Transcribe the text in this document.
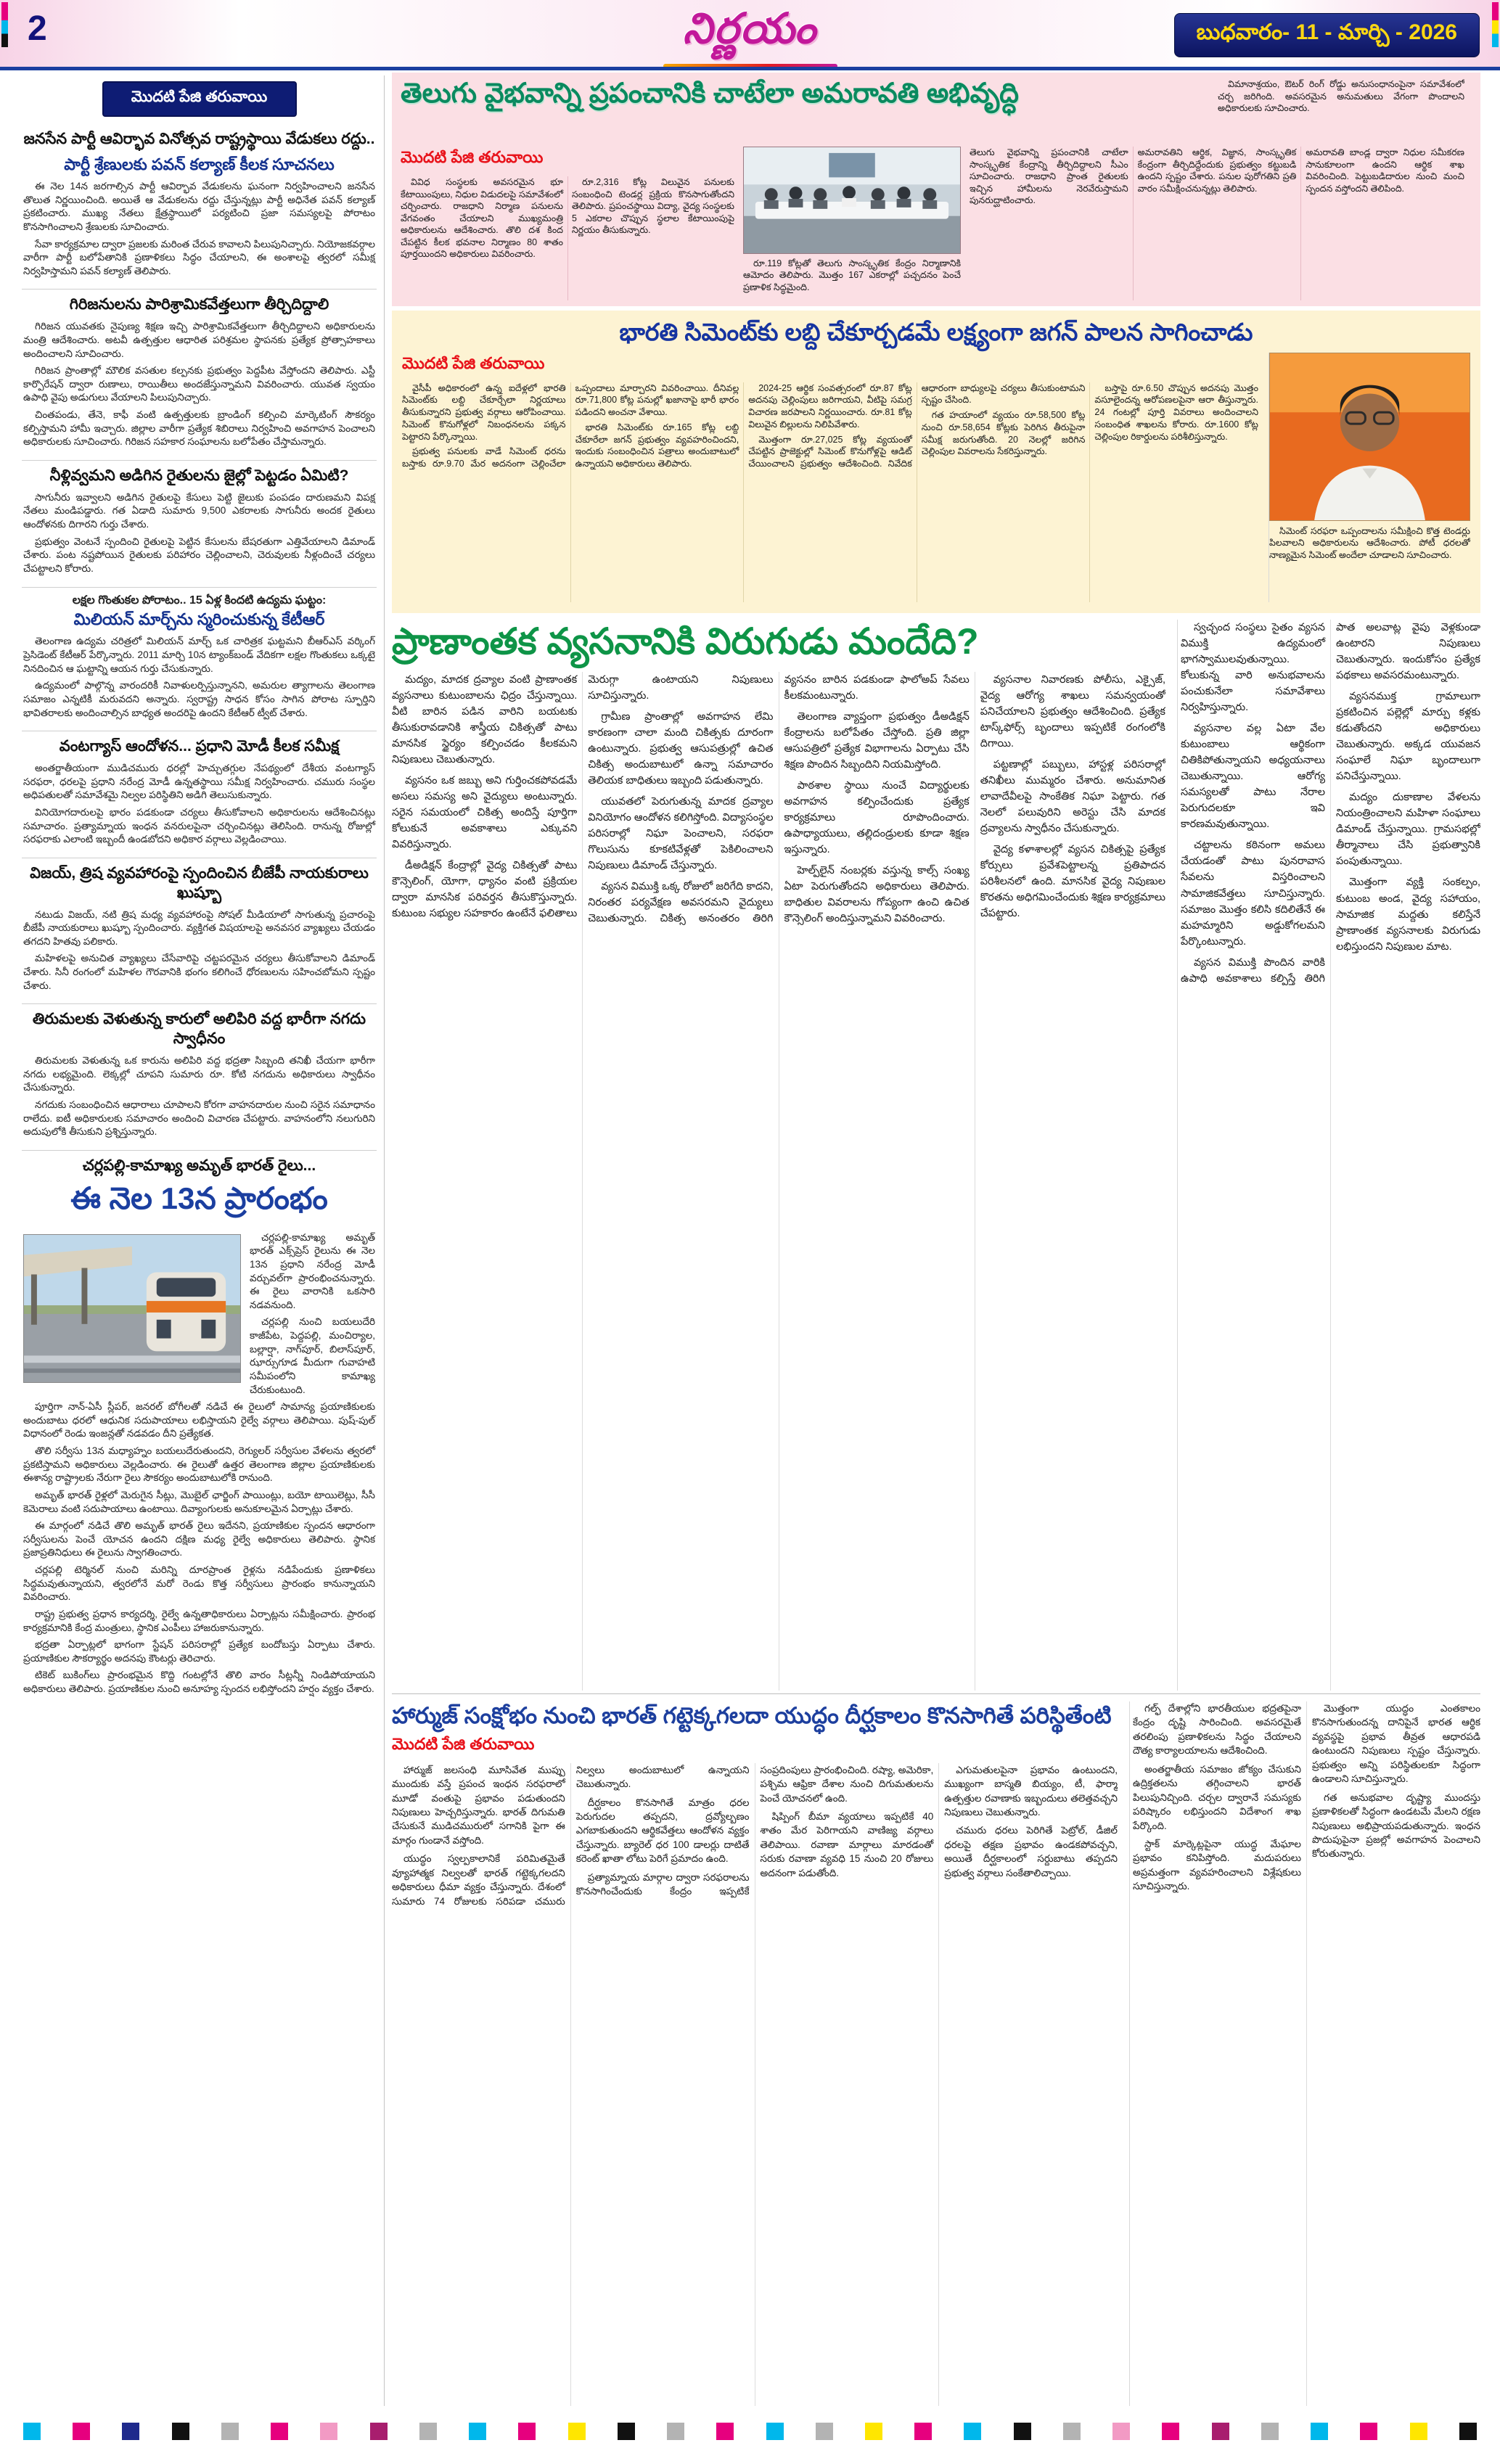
2	నిర్ణయం	బుధవారం- 11 - మార్చి - 2026
మొదటి పేజి తరువాయి
జనసేన పార్టీ ఆవిర్భావ వినోత్సవ రాష్ట్రస్థాయి వేడుకలు రద్దు..
పార్టీ శ్రేణులకు పవన్ కల్యాణ్ కీలక సూచనలు

ఈ నెల 14న జరగాల్సిన పార్టీ ఆవిర్భావ వేడుకలను ఘనంగా నిర్వహించాలని జనసేన తొలుత నిర్ణయించింది. అయితే ఆ వేడుకలను రద్దు చేస్తున్నట్లు పార్టీ అధినేత పవన్ కల్యాణ్ ప్రకటించారు. ముఖ్య నేతలు క్షేత్రస్థాయిలో పర్యటించి ప్రజా సమస్యలపై పోరాటం కొనసాగించాలని శ్రేణులకు సూచించారు.

సేవా కార్యక్రమాల ద్వారా ప్రజలకు మరింత చేరువ కావాలని పిలుపునిచ్చారు. నియోజకవర్గాల వారీగా పార్టీ బలోపేతానికి ప్రణాళికలు సిద్ధం చేయాలని, ఈ అంశాలపై త్వరలో సమీక్ష నిర్వహిస్తామని పవన్ కల్యాణ్ తెలిపారు.

గిరిజనులను పారిశ్రామికవేత్తలుగా తీర్చిదిద్దాలి

గిరిజన యువతకు నైపుణ్య శిక్షణ ఇచ్చి పారిశ్రామికవేత్తలుగా తీర్చిదిద్దాలని అధికారులను మంత్రి ఆదేశించారు. అటవీ ఉత్పత్తుల ఆధారిత పరిశ్రమల స్థాపనకు ప్రత్యేక ప్రోత్సాహకాలు అందించాలని సూచించారు.

గిరిజన ప్రాంతాల్లో మౌలిక వసతుల కల్పనకు ప్రభుత్వం పెద్దపీట వేస్తోందని తెలిపారు. ఎస్టీ కార్పొరేషన్ ద్వారా రుణాలు, రాయితీలు అందజేస్తున్నామని వివరించారు. యువత స్వయం ఉపాధి వైపు అడుగులు వేయాలని పిలుపునిచ్చారు.

చింతపండు, తేనె, కాఫీ వంటి ఉత్పత్తులకు బ్రాండింగ్ కల్పించి మార్కెటింగ్ సౌకర్యం కల్పిస్తామని హామీ ఇచ్చారు. జిల్లాల వారీగా ప్రత్యేక శిబిరాలు నిర్వహించి అవగాహన పెంచాలని అధికారులకు సూచించారు. గిరిజన సహకార సంఘాలను బలోపేతం చేస్తామన్నారు.

నీళ్లివ్వమని అడిగిన రైతులను జైల్లో పెట్టడం ఏమిటి?

సాగునీరు ఇవ్వాలని అడిగిన రైతులపై కేసులు పెట్టి జైలుకు పంపడం దారుణమని విపక్ష నేతలు మండిపడ్డారు. గత ఏడాది సుమారు 9,500 ఎకరాలకు సాగునీరు అందక రైతులు ఆందోళనకు దిగారని గుర్తు చేశారు.

ప్రభుత్వం వెంటనే స్పందించి రైతులపై పెట్టిన కేసులను బేషరతుగా ఎత్తివేయాలని డిమాండ్ చేశారు. పంట నష్టపోయిన రైతులకు పరిహారం చెల్లించాలని, చెరువులకు నీళ్లందించే చర్యలు చేపట్టాలని కోరారు.

లక్షల గొంతుకల పోరాటం.. 15 ఏళ్ల కిందటి ఉద్యమ ఘట్టం:
మిలియన్ మార్చ్‌ను స్మరించుకున్న కేటీఆర్

తెలంగాణ ఉద్యమ చరిత్రలో మిలియన్ మార్చ్ ఒక చారిత్రక ఘట్టమని బీఆర్ఎస్ వర్కింగ్ ప్రెసిడెంట్ కేటీఆర్ పేర్కొన్నారు. 2011 మార్చి 10న ట్యాంక్‌బండ్ వేదికగా లక్షల గొంతుకలు ఒక్కటై నినదించిన ఆ ఘట్టాన్ని ఆయన గుర్తు చేసుకున్నారు.

ఉద్యమంలో పాల్గొన్న వారందరికీ నివాళులర్పిస్తున్నానని, అమరుల త్యాగాలను తెలంగాణ సమాజం ఎన్నటికీ మరువదని అన్నారు. స్వరాష్ట్ర సాధన కోసం సాగిన పోరాట స్ఫూర్తిని భావితరాలకు అందించాల్సిన బాధ్యత అందరిపై ఉందని కేటీఆర్ ట్వీట్ చేశారు.

వంటగ్యాస్ ఆందోళన... ప్రధాని మోడీ కీలక సమీక్ష

అంతర్జాతీయంగా ముడిచమురు ధరల్లో హెచ్చుతగ్గుల నేపథ్యంలో దేశీయ వంటగ్యాస్ సరఫరా, ధరలపై ప్రధాని నరేంద్ర మోడీ ఉన్నతస్థాయి సమీక్ష నిర్వహించారు. చమురు సంస్థల అధిపతులతో సమావేశమై నిల్వల పరిస్థితిని అడిగి తెలుసుకున్నారు.

వినియోగదారులపై భారం పడకుండా చర్యలు తీసుకోవాలని అధికారులను ఆదేశించినట్లు సమాచారం. ప్రత్యామ్నాయ ఇంధన వనరులపైనా చర్చించినట్లు తెలిసింది. రానున్న రోజుల్లో సరఫరాకు ఎలాంటి ఇబ్బందీ ఉండబోదని అధికార వర్గాలు వెల్లడించాయి.

విజయ్, త్రిష వ్యవహారంపై స్పందించిన బీజేపీ నాయకురాలు ఖుష్బూ

నటుడు విజయ్, నటి త్రిష మధ్య వ్యవహారంపై సోషల్ మీడియాలో సాగుతున్న ప్రచారంపై బీజేపీ నాయకురాలు ఖుష్బూ స్పందించారు. వ్యక్తిగత విషయాలపై అనవసర వ్యాఖ్యలు చేయడం తగదని హితవు పలికారు.

మహిళలపై అనుచిత వ్యాఖ్యలు చేసేవారిపై చట్టపరమైన చర్యలు తీసుకోవాలని డిమాండ్ చేశారు. సినీ రంగంలో మహిళల గౌరవానికి భంగం కలిగించే ధోరణులను సహించబోమని స్పష్టం చేశారు.

తిరుమలకు వెళుతున్న కారులో అలిపిరి వద్ద భారీగా నగదు స్వాధీనం

తిరుమలకు వెళుతున్న ఒక కారును అలిపిరి వద్ద భద్రతా సిబ్బంది తనిఖీ చేయగా భారీగా నగదు లభ్యమైంది. లెక్కల్లో చూపని సుమారు రూ. కోటి నగదును అధికారులు స్వాధీనం చేసుకున్నారు.

నగదుకు సంబంధించిన ఆధారాలు చూపాలని కోరగా వాహనదారుల నుంచి సరైన సమాధానం రాలేదు. ఐటీ అధికారులకు సమాచారం అందించి విచారణ చేపట్టారు. వాహనంలోని నలుగురిని అదుపులోకి తీసుకుని ప్రశ్నిస్తున్నారు.

చర్లపల్లి-కామాఖ్య అమృత్ భారత్ రైలు...
ఈ నెల 13న ప్రారంభం

చర్లపల్లి-కామాఖ్య అమృత్ భారత్ ఎక్స్‌ప్రెస్ రైలును ఈ నెల 13న ప్రధాని నరేంద్ర మోడీ వర్చువల్‌గా ప్రారంభించనున్నారు. ఈ రైలు వారానికి ఒకసారి నడవనుంది.

చర్లపల్లి నుంచి బయలుదేరి కాజీపేట, పెద్దపల్లి, మంచిర్యాల, బల్లార్షా, నాగ్‌పూర్, బిలాస్‌పూర్, ఝార్సుగూడ మీదుగా గువాహటి సమీపంలోని కామాఖ్య చేరుకుంటుంది.

పూర్తిగా నాన్-ఏసీ స్లీపర్, జనరల్ బోగీలతో నడిచే ఈ రైలులో సామాన్య ప్రయాణికులకు అందుబాటు ధరలో ఆధునిక సదుపాయాలు లభిస్తాయని రైల్వే వర్గాలు తెలిపాయి. పుష్-పుల్ విధానంలో రెండు ఇంజన్లతో నడవడం దీని ప్రత్యేకత.

తొలి సర్వీసు 13న మధ్యాహ్నం బయలుదేరుతుందని, రెగ్యులర్ సర్వీసుల వేళలను త్వరలో ప్రకటిస్తామని అధికారులు వెల్లడించారు. ఈ రైలుతో ఉత్తర తెలంగాణ జిల్లాల ప్రయాణికులకు ఈశాన్య రాష్ట్రాలకు నేరుగా రైలు సౌకర్యం అందుబాటులోకి రానుంది.

అమృత్ భారత్ రైళ్లలో మెరుగైన సీట్లు, మొబైల్ ఛార్జింగ్ పాయింట్లు, బయో టాయిలెట్లు, సీసీ కెమెరాలు వంటి సదుపాయాలు ఉంటాయి. దివ్యాంగులకు అనుకూలమైన ఏర్పాట్లు చేశారు.

ఈ మార్గంలో నడిచే తొలి అమృత్ భారత్ రైలు ఇదేనని, ప్రయాణికుల స్పందన ఆధారంగా సర్వీసులను పెంచే యోచన ఉందని దక్షిణ మధ్య రైల్వే అధికారులు తెలిపారు. స్థానిక ప్రజాప్రతినిధులు ఈ రైలును స్వాగతించారు.

చర్లపల్లి టెర్మినల్ నుంచి మరిన్ని దూరప్రాంత రైళ్లను నడిపేందుకు ప్రణాళికలు సిద్ధమవుతున్నాయని, త్వరలోనే మరో రెండు కొత్త సర్వీసులు ప్రారంభం కానున్నాయని వివరించారు.

రాష్ట్ర ప్రభుత్వ ప్రధాన కార్యదర్శి, రైల్వే ఉన్నతాధికారులు ఏర్పాట్లను సమీక్షించారు. ప్రారంభ కార్యక్రమానికి కేంద్ర మంత్రులు, స్థానిక ఎంపీలు హాజరుకానున్నారు.

భద్రతా ఏర్పాట్లలో భాగంగా స్టేషన్ పరిసరాల్లో ప్రత్యేక బందోబస్తు ఏర్పాటు చేశారు. ప్రయాణికుల సౌకర్యార్థం అదనపు కౌంటర్లు తెరిచారు.

టికెట్ బుకింగ్‌లు ప్రారంభమైన కొద్ది గంటల్లోనే తొలి వారం సీట్లన్నీ నిండిపోయాయని అధికారులు తెలిపారు. ప్రయాణికుల నుంచి అనూహ్య స్పందన లభిస్తోందని హర్షం వ్యక్తం చేశారు.

తెలుగు వైభవాన్ని ప్రపంచానికి చాటేలా అమరావతి అభివృద్ధి	విమానాశ్రయం, ఔటర్ రింగ్ రోడ్డు అనుసంధానంపైనా సమావేశంలో చర్చ జరిగింది. అవసరమైన అనుమతులు వేగంగా పొందాలని అధికారులకు సూచించారు.

మొదటి పేజి తరువాయి

వివిధ సంస్థలకు అవసరమైన భూ కేటాయింపులు, నిధుల విడుదలపై సమావేశంలో చర్చించారు. రాజధాని నిర్మాణ పనులను వేగవంతం చేయాలని ముఖ్యమంత్రి అధికారులను ఆదేశించారు. తొలి దశ కింద చేపట్టిన కీలక భవనాల నిర్మాణం 80 శాతం పూర్తయిందని అధికారులు వివరించారు.

రూ.2,316 కోట్ల విలువైన పనులకు సంబంధించి టెండర్ల ప్రక్రియ కొనసాగుతోందని తెలిపారు. ప్రపంచస్థాయి విద్యా, వైద్య సంస్థలకు 5 ఎకరాల చొప్పున స్థలాల కేటాయింపుపై నిర్ణయం తీసుకున్నారు.

రూ.119 కోట్లతో తెలుగు సాంస్కృతిక కేంద్రం నిర్మాణానికి ఆమోదం తెలిపారు. మొత్తం 167 ఎకరాల్లో పచ్చదనం పెంచే ప్రణాళిక సిద్ధమైంది.

తెలుగు వైభవాన్ని ప్రపంచానికి చాటేలా సాంస్కృతిక కేంద్రాన్ని తీర్చిదిద్దాలని సీఎం సూచించారు. రాజధాని ప్రాంత రైతులకు ఇచ్చిన హామీలను నెరవేరుస్తామని పునరుద్ఘాటించారు.

అమరావతిని ఆర్థిక, విజ్ఞాన, సాంస్కృతిక కేంద్రంగా తీర్చిదిద్దేందుకు ప్రభుత్వం కట్టుబడి ఉందని స్పష్టం చేశారు. పనుల పురోగతిని ప్రతి వారం సమీక్షించనున్నట్లు తెలిపారు.

అమరావతి బాండ్ల ద్వారా నిధుల సమీకరణ సానుకూలంగా ఉందని ఆర్థిక శాఖ వివరించింది. పెట్టుబడిదారుల నుంచి మంచి స్పందన వస్తోందని తెలిపింది.

భారతి సిమెంట్‌కు లబ్ది చేకూర్చడమే లక్ష్యంగా జగన్ పాలన సాగించాడు
మొదటి పేజి తరువాయి

వైసీపీ అధికారంలో ఉన్న ఐదేళ్లలో భారతి సిమెంట్‌కు లబ్ది చేకూర్చేలా నిర్ణయాలు తీసుకున్నారని ప్రభుత్వ వర్గాలు ఆరోపించాయి. సిమెంట్ కొనుగోళ్లలో నిబంధనలను పక్కన పెట్టారని పేర్కొన్నాయి.

ప్రభుత్వ పనులకు వాడే సిమెంట్ ధరను బస్తాకు రూ.9.70 మేర అదనంగా చెల్లించేలా ఒప్పందాలు మార్చారని వివరించాయి. దీనివల్ల రూ.71,800 కోట్ల పనుల్లో ఖజానాపై భారీ భారం పడిందని అంచనా వేశాయి.

భారతి సిమెంట్‌కు రూ.165 కోట్ల లబ్ది చేకూరేలా జగన్ ప్రభుత్వం వ్యవహరించిందని, ఇందుకు సంబంధించిన పత్రాలు అందుబాటులో ఉన్నాయని అధికారులు తెలిపారు.

2024-25 ఆర్థిక సంవత్సరంలో రూ.87 కోట్ల అదనపు చెల్లింపులు జరిగాయని, వీటిపై సమగ్ర విచారణ జరపాలని నిర్ణయించారు. రూ.81 కోట్ల విలువైన బిల్లులను నిలిపివేశారు.

మొత్తంగా రూ.27,025 కోట్ల వ్యయంతో చేపట్టిన ప్రాజెక్టుల్లో సిమెంట్ కొనుగోళ్లపై ఆడిట్ చేయించాలని ప్రభుత్వం ఆదేశించింది. నివేదిక ఆధారంగా బాధ్యులపై చర్యలు తీసుకుంటామని స్పష్టం చేసింది.

గత హయాంలో వ్యయం రూ.58,500 కోట్ల నుంచి రూ.58,654 కోట్లకు పెరిగిన తీరుపైనా సమీక్ష జరుగుతోంది. 20 నెలల్లో జరిగిన చెల్లింపుల వివరాలను సేకరిస్తున్నారు.

బస్తాపై రూ.6.50 చొప్పున అదనపు మొత్తం వసూలైందన్న ఆరోపణలపైనా ఆరా తీస్తున్నారు. 24 గంటల్లో పూర్తి వివరాలు అందించాలని సంబంధిత శాఖలను కోరారు. రూ.1600 కోట్ల చెల్లింపుల రికార్డులను పరిశీలిస్తున్నారు.

సిమెంట్ సరఫరా ఒప్పందాలను సమీక్షించి కొత్త టెండర్లు పిలవాలని అధికారులను ఆదేశించారు. పోటీ ధరలతో నాణ్యమైన సిమెంట్ అందేలా చూడాలని సూచించారు.

ప్రాణాంతక వ్యసనానికి విరుగుడు మందేది?

మద్యం, మాదక ద్రవ్యాల వంటి ప్రాణాంతక వ్యసనాలు కుటుంబాలను ఛిద్రం చేస్తున్నాయి. వీటి బారిన పడిన వారిని బయటకు తీసుకురావడానికి శాస్త్రీయ చికిత్సతో పాటు మానసిక స్థైర్యం కల్పించడం కీలకమని నిపుణులు చెబుతున్నారు.

వ్యసనం ఒక జబ్బు అని గుర్తించకపోవడమే అసలు సమస్య అని వైద్యులు అంటున్నారు. సరైన సమయంలో చికిత్స అందిస్తే పూర్తిగా కోలుకునే అవకాశాలు ఎక్కువని వివరిస్తున్నారు.

డీఅడిక్షన్ కేంద్రాల్లో వైద్య చికిత్సతో పాటు కౌన్సెలింగ్, యోగా, ధ్యానం వంటి ప్రక్రియల ద్వారా మానసిక పరివర్తన తీసుకొస్తున్నారు. కుటుంబ సభ్యుల సహకారం ఉంటేనే ఫలితాలు మెరుగ్గా ఉంటాయని నిపుణులు సూచిస్తున్నారు.

గ్రామీణ ప్రాంతాల్లో అవగాహన లేమి కారణంగా చాలా మంది చికిత్సకు దూరంగా ఉంటున్నారు. ప్రభుత్వ ఆసుపత్రుల్లో ఉచిత చికిత్స అందుబాటులో ఉన్నా సమాచారం తెలియక బాధితులు ఇబ్బంది పడుతున్నారు.

యువతలో పెరుగుతున్న మాదక ద్రవ్యాల వినియోగం ఆందోళన కలిగిస్తోంది. విద్యాసంస్థల పరిసరాల్లో నిఘా పెంచాలని, సరఫరా గొలుసును కూకటివేళ్లతో పెకిలించాలని నిపుణులు డిమాండ్ చేస్తున్నారు.

వ్యసన విముక్తి ఒక్క రోజులో జరిగేది కాదని, నిరంతర పర్యవేక్షణ అవసరమని వైద్యులు చెబుతున్నారు. చికిత్స అనంతరం తిరిగి వ్యసనం బారిన పడకుండా ఫాలోఅప్ సేవలు కీలకమంటున్నారు.

తెలంగాణ వ్యాప్తంగా ప్రభుత్వం డీఅడిక్షన్ కేంద్రాలను బలోపేతం చేస్తోంది. ప్రతి జిల్లా ఆసుపత్రిలో ప్రత్యేక విభాగాలను ఏర్పాటు చేసి శిక్షణ పొందిన సిబ్బందిని నియమిస్తోంది.

పాఠశాల స్థాయి నుంచే విద్యార్థులకు అవగాహన కల్పించేందుకు ప్రత్యేక కార్యక్రమాలు రూపొందించారు. ఉపాధ్యాయులు, తల్లిదండ్రులకు కూడా శిక్షణ ఇస్తున్నారు.

హెల్ప్‌లైన్ నంబర్లకు వస్తున్న కాల్స్ సంఖ్య ఏటా పెరుగుతోందని అధికారులు తెలిపారు. బాధితుల వివరాలను గోప్యంగా ఉంచి ఉచిత కౌన్సెలింగ్ అందిస్తున్నామని వివరించారు.

వ్యసనాల నివారణకు పోలీసు, ఎక్సైజ్, వైద్య ఆరోగ్య శాఖలు సమన్వయంతో పనిచేయాలని ప్రభుత్వం ఆదేశించింది. ప్రత్యేక టాస్క్‌ఫోర్స్ బృందాలు ఇప్పటికే రంగంలోకి దిగాయి.

పట్టణాల్లో పబ్బులు, హాస్టళ్ల పరిసరాల్లో తనిఖీలు ముమ్మరం చేశారు. అనుమానిత లావాదేవీలపై సాంకేతిక నిఘా పెట్టారు. గత నెలలో పలువురిని అరెస్టు చేసి మాదక ద్రవ్యాలను స్వాధీనం చేసుకున్నారు.

వైద్య కళాశాలల్లో వ్యసన చికిత్సపై ప్రత్యేక కోర్సులు ప్రవేశపెట్టాలన్న ప్రతిపాదన పరిశీలనలో ఉంది. మానసిక వైద్య నిపుణుల కొరతను అధిగమించేందుకు శిక్షణ కార్యక్రమాలు చేపట్టారు.

స్వచ్ఛంద సంస్థలు సైతం వ్యసన విముక్తి ఉద్యమంలో భాగస్వాములవుతున్నాయి. కోలుకున్న వారి అనుభవాలను పంచుకునేలా సమావేశాలు నిర్వహిస్తున్నారు.

వ్యసనాల వల్ల ఏటా వేల కుటుంబాలు ఆర్థికంగా చితికిపోతున్నాయని అధ్యయనాలు చెబుతున్నాయి. ఆరోగ్య సమస్యలతో పాటు నేరాల పెరుగుదలకూ ఇవి కారణమవుతున్నాయి.

చట్టాలను కఠినంగా అమలు చేయడంతో పాటు పునరావాస సేవలను విస్తరించాలని సామాజికవేత్తలు సూచిస్తున్నారు. సమాజం మొత్తం కలిసి కదిలితేనే ఈ మహమ్మారిని అడ్డుకోగలమని పేర్కొంటున్నారు.

వ్యసన విముక్తి పొందిన వారికి ఉపాధి అవకాశాలు కల్పిస్తే తిరిగి పాత అలవాట్ల వైపు వెళ్లకుండా ఉంటారని నిపుణులు చెబుతున్నారు. ఇందుకోసం ప్రత్యేక పథకాలు అవసరమంటున్నారు.

వ్యసనముక్త గ్రామాలుగా ప్రకటించిన పల్లెల్లో మార్పు కళ్లకు కడుతోందని అధికారులు చెబుతున్నారు. అక్కడ యువజన సంఘాలే నిఘా బృందాలుగా పనిచేస్తున్నాయి.

మద్యం దుకాణాల వేళలను నియంత్రించాలని మహిళా సంఘాలు డిమాండ్ చేస్తున్నాయి. గ్రామసభల్లో తీర్మానాలు చేసి ప్రభుత్వానికి పంపుతున్నాయి.

మొత్తంగా వ్యక్తి సంకల్పం, కుటుంబ అండ, వైద్య సహాయం, సామాజిక మద్దతు కలిస్తేనే ప్రాణాంతక వ్యసనాలకు విరుగుడు లభిస్తుందని నిపుణుల మాట.

హార్ముజ్ సంక్షోభం నుంచి భారత్ గట్టెక్కగలదా యుద్ధం దీర్ఘకాలం కొనసాగితే పరిస్థితేంటి
మొదటి పేజి తరువాయి

హార్ముజ్ జలసంధి మూసివేత ముప్పు ముందుకు వస్తే ప్రపంచ ఇంధన సరఫరాలో మూడో వంతుపై ప్రభావం పడుతుందని నిపుణులు హెచ్చరిస్తున్నారు. భారత్ దిగుమతి చేసుకునే ముడిచమురులో సగానికి పైగా ఈ మార్గం గుండానే వస్తోంది.

యుద్ధం స్వల్పకాలానికే పరిమితమైతే వ్యూహాత్మక నిల్వలతో భారత్ గట్టెక్కగలదని అధికారులు ధీమా వ్యక్తం చేస్తున్నారు. దేశంలో సుమారు 74 రోజులకు సరిపడా చమురు నిల్వలు అందుబాటులో ఉన్నాయని చెబుతున్నారు.

దీర్ఘకాలం కొనసాగితే మాత్రం ధరల పెరుగుదల తప్పదని, ద్రవ్యోల్బణం ఎగబాకుతుందని ఆర్థికవేత్తలు ఆందోళన వ్యక్తం చేస్తున్నారు. బ్యారెల్ ధర 100 డాలర్లు దాటితే కరెంట్ ఖాతా లోటు పెరిగే ప్రమాదం ఉంది.

ప్రత్యామ్నాయ మార్గాల ద్వారా సరఫరాలను కొనసాగించేందుకు కేంద్రం ఇప్పటికే సంప్రదింపులు ప్రారంభించింది. రష్యా, అమెరికా, పశ్చిమ ఆఫ్రికా దేశాల నుంచి దిగుమతులను పెంచే యోచనలో ఉంది.

షిప్పింగ్ బీమా వ్యయాలు ఇప్పటికే 40 శాతం మేర పెరిగాయని వాణిజ్య వర్గాలు తెలిపాయి. రవాణా మార్గాలు మారడంతో సరుకు రవాణా వ్యవధి 15 నుంచి 20 రోజులు అదనంగా పడుతోంది.

ఎగుమతులపైనా ప్రభావం ఉంటుందని, ముఖ్యంగా బాస్మతి బియ్యం, టీ, ఫార్మా ఉత్పత్తుల రవాణాకు ఇబ్బందులు తలెత్తవచ్చని నిపుణులు చెబుతున్నారు.

చమురు ధరలు పెరిగితే పెట్రోల్, డీజిల్ ధరలపై తక్షణ ప్రభావం ఉండకపోవచ్చని, అయితే దీర్ఘకాలంలో సర్దుబాటు తప్పదని ప్రభుత్వ వర్గాలు సంకేతాలిచ్చాయి.

గల్ఫ్ దేశాల్లోని భారతీయుల భద్రతపైనా కేంద్రం దృష్టి సారించింది. అవసరమైతే తరలింపు ప్రణాళికలను సిద్ధం చేయాలని దౌత్య కార్యాలయాలను ఆదేశించింది.

అంతర్జాతీయ సమాజం జోక్యం చేసుకుని ఉద్రిక్తతలను తగ్గించాలని భారత్ పిలుపునిచ్చింది. చర్చల ద్వారానే సమస్యకు పరిష్కారం లభిస్తుందని విదేశాంగ శాఖ పేర్కొంది.

స్టాక్ మార్కెట్లపైనా యుద్ధ మేఘాల ప్రభావం కనిపిస్తోంది. మదుపరులు అప్రమత్తంగా వ్యవహరించాలని విశ్లేషకులు సూచిస్తున్నారు.

మొత్తంగా యుద్ధం ఎంతకాలం కొనసాగుతుందన్న దానిపైనే భారత ఆర్థిక వ్యవస్థపై ప్రభావ తీవ్రత ఆధారపడి ఉంటుందని నిపుణులు స్పష్టం చేస్తున్నారు. ప్రభుత్వం అన్ని పరిస్థితులకూ సిద్ధంగా ఉండాలని సూచిస్తున్నారు.

గత అనుభవాల దృష్ట్యా ముందస్తు ప్రణాళికలతో సిద్ధంగా ఉండటమే మేలని రక్షణ నిపుణులు అభిప్రాయపడుతున్నారు. ఇంధన పొదుపుపైనా ప్రజల్లో అవగాహన పెంచాలని కోరుతున్నారు.
